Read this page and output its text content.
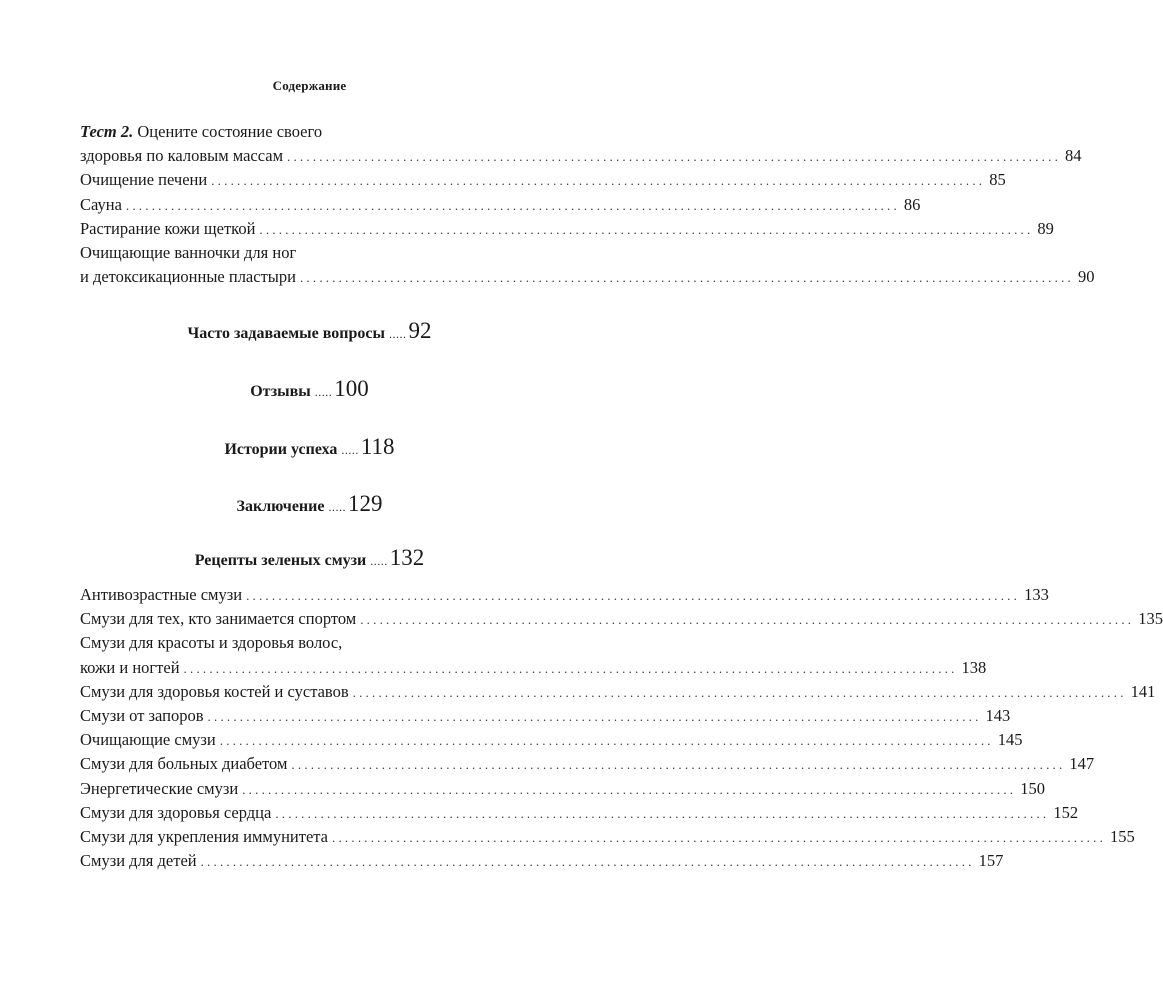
Содержание
Тест 2. Оцените состояние своего
здоровья по каловым массам ........................................................................................................................ 84
Очищение печени ........................................................................................................................ 85
Сауна ........................................................................................................................ 86
Растирание кожи щеткой ........................................................................................................................ 89
Очищающие ванночки для ног
и детоксикационные пластыри ........................................................................................................................ 90
Часто задаваемые вопросы .....92
Отзывы .....100
Истории успеха .....118
Заключение .....129
Рецепты зеленых смузи .....132
Антивозрастные смузи ........................................................................................................................ 133
Смузи для тех, кто занимается спортом ........................................................................................................................ 135
Смузи для красоты и здоровья волос,
кожи и ногтей ........................................................................................................................ 138
Смузи для здоровья костей и суставов ........................................................................................................................ 141
Смузи от запоров ........................................................................................................................ 143
Очищающие смузи ........................................................................................................................ 145
Смузи для больных диабетом ........................................................................................................................ 147
Энергетические смузи ........................................................................................................................ 150
Смузи для здоровья сердца ........................................................................................................................ 152
Смузи для укрепления иммунитета ........................................................................................................................ 155
Смузи для детей ........................................................................................................................ 157
